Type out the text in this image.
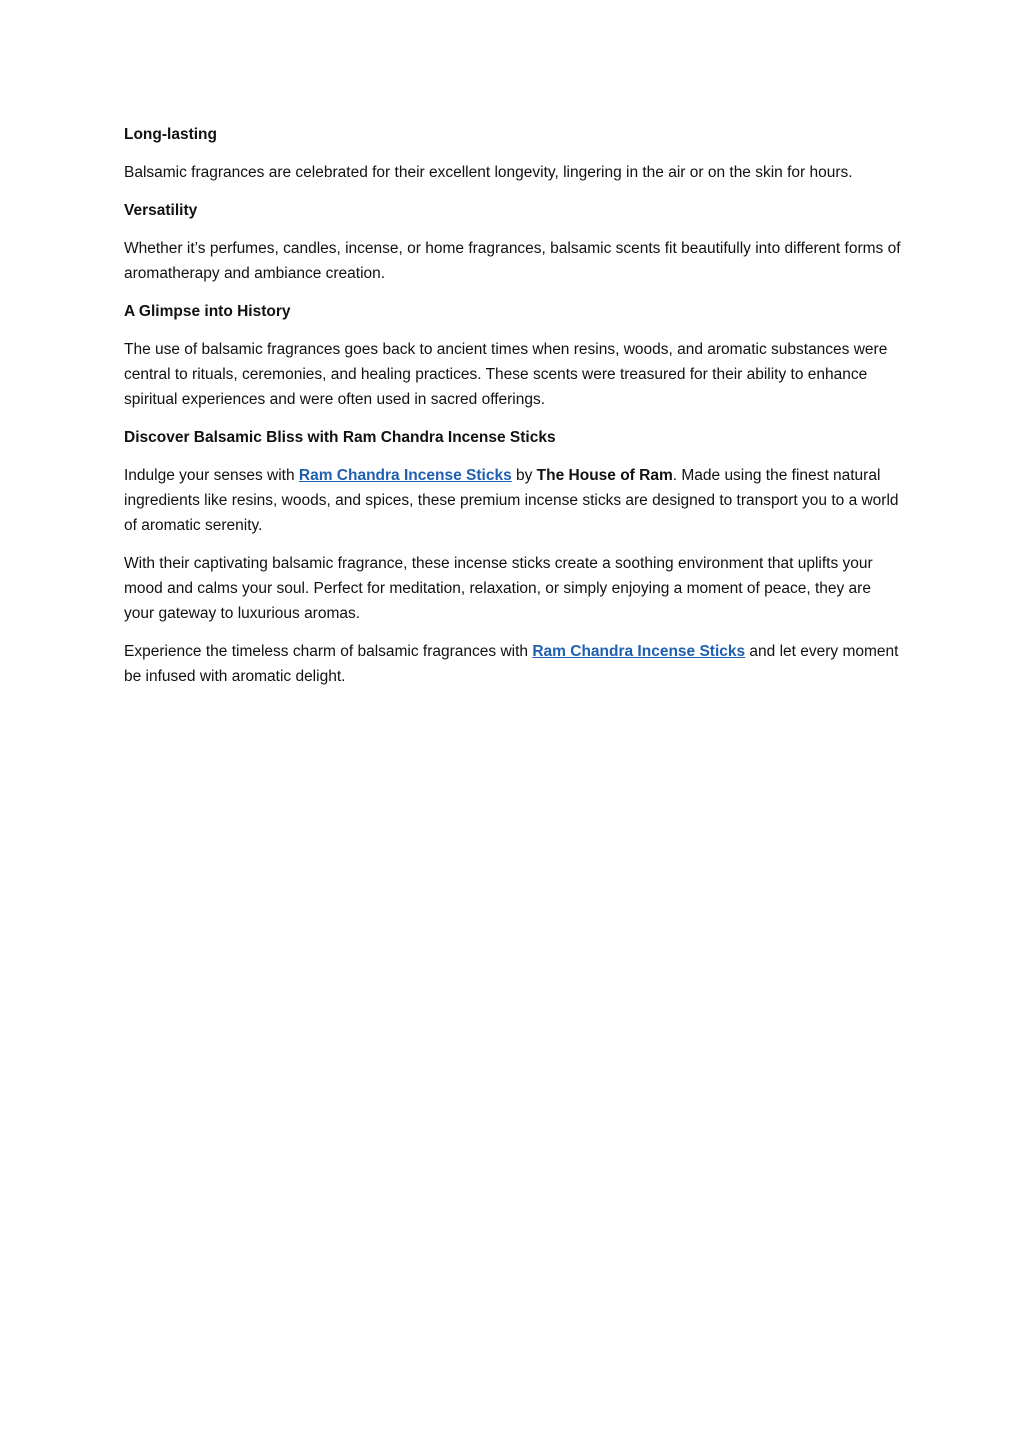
Long-lasting

Balsamic fragrances are celebrated for their excellent longevity, lingering in the air or on the skin for hours.

Versatility

Whether it’s perfumes, candles, incense, or home fragrances, balsamic scents fit beautifully into different forms of aromatherapy and ambiance creation.

A Glimpse into History

The use of balsamic fragrances goes back to ancient times when resins, woods, and aromatic substances were central to rituals, ceremonies, and healing practices. These scents were treasured for their ability to enhance spiritual experiences and were often used in sacred offerings.

Discover Balsamic Bliss with Ram Chandra Incense Sticks

Indulge your senses with Ram Chandra Incense Sticks by The House of Ram. Made using the finest natural ingredients like resins, woods, and spices, these premium incense sticks are designed to transport you to a world of aromatic serenity.

With their captivating balsamic fragrance, these incense sticks create a soothing environment that uplifts your mood and calms your soul. Perfect for meditation, relaxation, or simply enjoying a moment of peace, they are your gateway to luxurious aromas.

Experience the timeless charm of balsamic fragrances with Ram Chandra Incense Sticks and let every moment be infused with aromatic delight.
